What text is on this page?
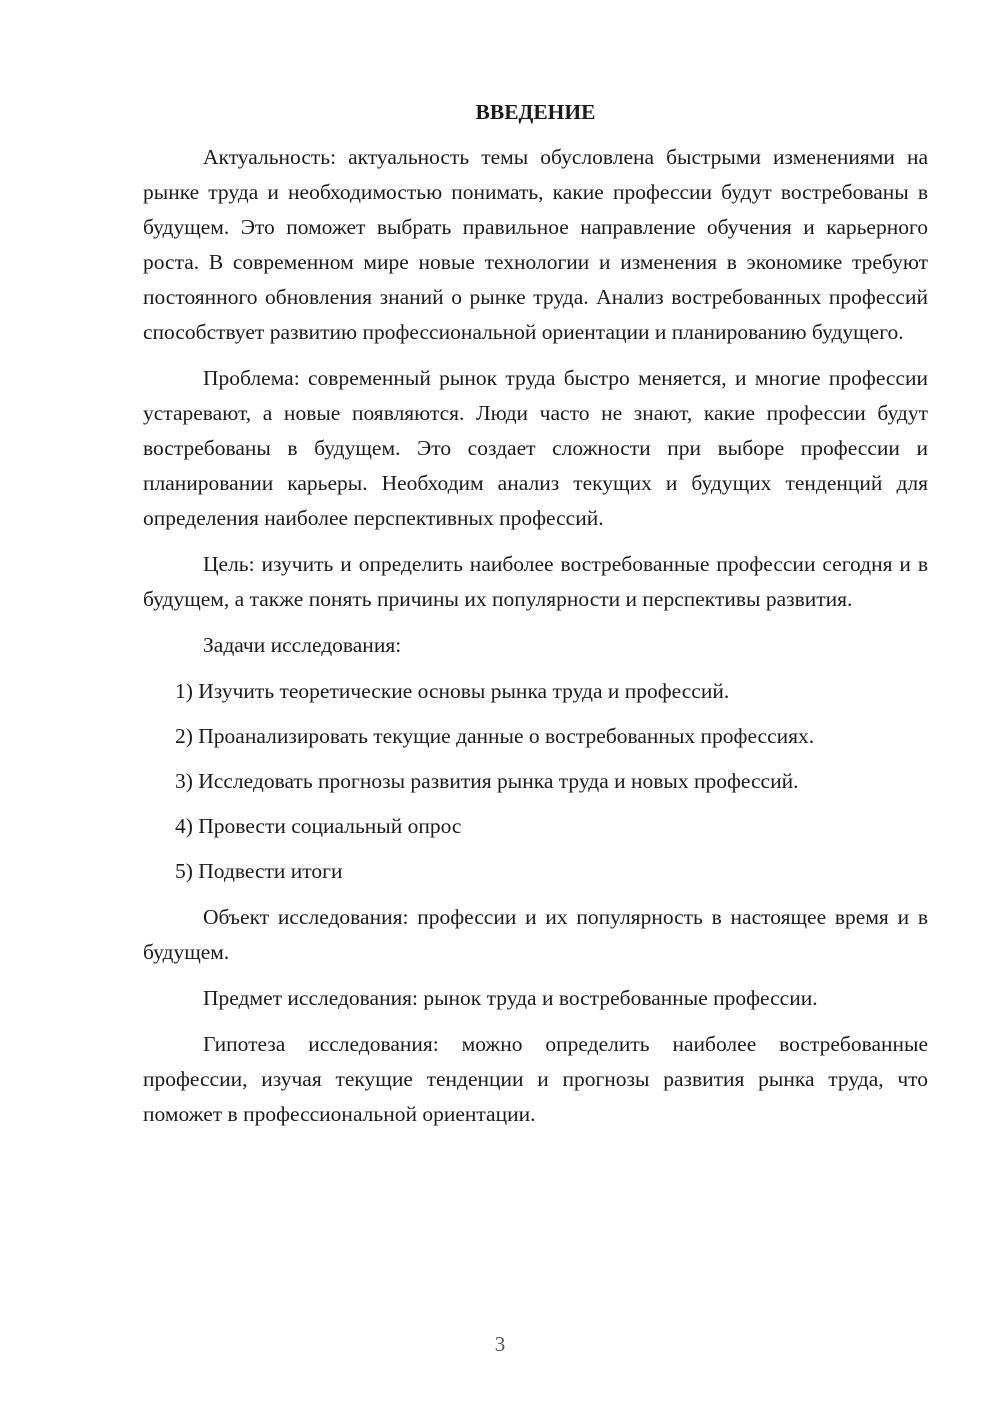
ВВЕДЕНИЕ

Актуальность: актуальность темы обусловлена быстрыми изменениями на рынке труда и необходимостью понимать, какие профессии будут востребованы в будущем. Это поможет выбрать правильное направление обучения и карьерного роста. В современном мире новые технологии и изменения в экономике требуют постоянного обновления знаний о рынке труда. Анализ востребованных профессий способствует развитию профессиональной ориентации и планированию будущего.

Проблема: современный рынок труда быстро меняется, и многие профессии устаревают, а новые появляются. Люди часто не знают, какие профессии будут востребованы в будущем. Это создает сложности при выборе профессии и планировании карьеры. Необходим анализ текущих и будущих тенденций для определения наиболее перспективных профессий.

Цель: изучить и определить наиболее востребованные профессии сегодня и в будущем, а также понять причины их популярности и перспективы развития.

Задачи исследования:

1) Изучить теоретические основы рынка труда и профессий.
2) Проанализировать текущие данные о востребованных профессиях.
3) Исследовать прогнозы развития рынка труда и новых профессий.
4) Провести социальный опрос
5) Подвести итоги

Объект исследования: профессии и их популярность в настоящее время и в будущем.

Предмет исследования: рынок труда и востребованные профессии.

Гипотеза исследования: можно определить наиболее востребованные профессии, изучая текущие тенденции и прогнозы развития рынка труда, что поможет в профессиональной ориентации.

3
